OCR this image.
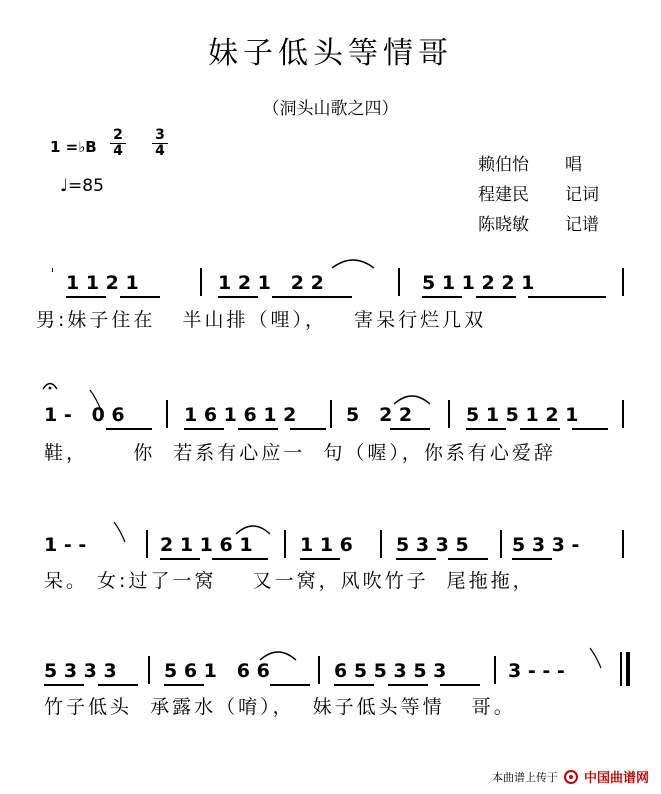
妹子低头等情哥
（洞头山歌之四）
1 =♭B $\frac{2}{4} \frac{3}{4}$
♩=85
赖伯怡 唱
程建民 记词
陈晓敏 记谱
1 1 2 1	1 2 1   2 2	5 1 1 2 2 1
男:妹子住在   半山排（哩），   害呆行烂几双
1 -   0 6	1 6 1 6 1 2	5   2 2	5 1 5 1 2 1
鞋，     你  若系有心应一  句（喔），你系有心爱辞
1 - -	2 1 1 6 1 1 1 6 5 3 3 5 5 3 3 -
呆。 女:过了一窝    又一窝，风吹竹子  尾拖拖，
5 3 3 3 5 6 1   6 6	6 5 5 3 5 3	3 - - -
竹子低头  承露水（唷），  妹子低头等情   哥。
本曲谱上传于 中国曲谱网
